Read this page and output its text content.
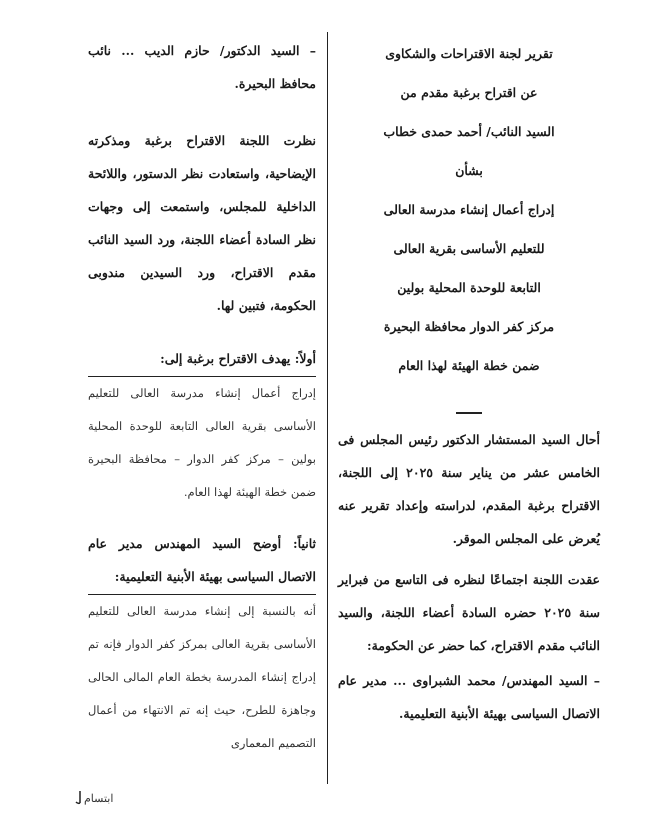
تقرير لجنة الاقتراحات والشكاوى

عن اقتراح برغبة مقدم من

السيد النائب/ أحمد حمدى خطاب

بشأن

إدراج أعمال إنشاء مدرسة العالى

للتعليم الأساسى بقرية العالى

التابعة للوحدة المحلية بولين

مركز كفر الدوار محافظة البحيرة

ضمن خطة الهيئة لهذا العام

أحال السيد المستشار الدكتور رئيس المجلس فى الخامس عشر من يناير سنة ٢٠٢٥ إلى اللجنة، الاقتراح برغبة المقدم، لدراسته وإعداد تقرير عنه يُعرض على المجلس الموقر.

عقدت اللجنة اجتماعًا لنظره فى التاسع من فبراير سنة ٢٠٢٥ حضره السادة أعضاء اللجنة، والسيد النائب مقدم الاقتراح، كما حضر عن الحكومة:

– السيد المهندس/ محمد الشبراوى ... مدير عام الاتصال السياسى بهيئة الأبنية التعليمية.

– السيد الدكتور/ حازم الديب ... نائب محافظ البحيرة.

نظرت اللجنة الاقتراح برغبة ومذكرته الإيضاحية، واستعادت نظر الدستور، واللائحة الداخلية للمجلس، واستمعت إلى وجهات نظر السادة أعضاء اللجنة، ورد السيد النائب مقدم الاقتراح، ورد السيدين مندوبى الحكومة، فتبين لها.

أولاً: يهدف الاقتراح برغبة إلى:

إدراج أعمال إنشاء مدرسة العالى للتعليم الأساسى بقرية العالى التابعة للوحدة المحلية بولين – مركز كفر الدوار – محافظة البحيرة ضمن خطة الهيئة لهذا العام.

ثانياً: أوضح السيد المهندس مدير عام الاتصال السياسى بهيئة الأبنية التعليمية:

أنه بالنسبة إلى إنشاء مدرسة العالى للتعليم الأساسى بقرية العالى بمركز كفر الدوار فإنه تم إدراج إنشاء المدرسة بخطة العام المالى الحالى وجاهزة للطرح، حيث إنه تم الانتهاء من أعمال التصميم المعمارى

ابتسام
